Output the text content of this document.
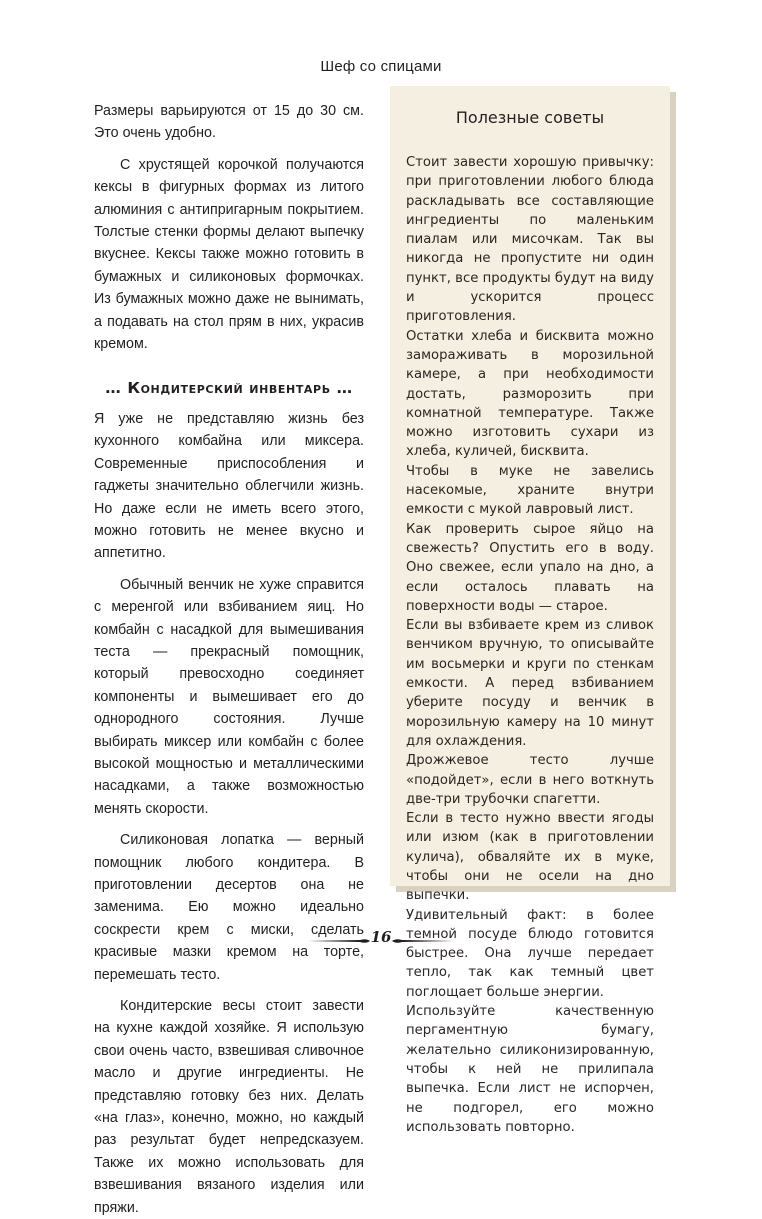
Шеф со спицами

Размеры варьируются от 15 до 30 см. Это очень удобно.

С хрустящей корочкой получаются кексы в фигурных формах из литого алюминия с антипригарным покрытием. Толстые стенки формы делают выпечку вкуснее. Кексы также можно готовить в бумажных и силиконовых формочках. Из бумажных можно даже не вынимать, а подавать на стол прям в них, украсив кремом.

… Кондитерский инвентарь …

Я уже не представляю жизнь без кухонного комбайна или миксера. Современные приспособления и гаджеты значительно облегчили жизнь. Но даже если не иметь всего этого, можно готовить не менее вкусно и аппетитно.

Обычный венчик не хуже справится с меренгой или взбиванием яиц. Но комбайн с насадкой для вымешивания теста — прекрасный помощник, который превосходно соединяет компоненты и вымешивает его до однородного состояния. Лучше выбирать миксер или комбайн с более высокой мощностью и металлическими насадками, а также возможностью менять скорости.

Силиконовая лопатка — верный помощник любого кондитера. В приготовлении десертов она не заменима. Ею можно идеально соскрести крем с миски, сделать красивые мазки кремом на торте, перемешать тесто.

Кондитерские весы стоит завести на кухне каждой хозяйке. Я использую свои очень часто, взвешивая сливочное масло и другие ингредиенты. Не представляю готовку без них. Делать «на глаз», конечно, можно, но каждый раз результат будет непредсказуем. Также их можно использовать для взвешивания вязаного изделия или пряжи.

Полезные советы

Стоит завести хорошую привычку: при приготовлении любого блюда раскладывать все составляющие ингредиенты по маленьким пиалам или мисочкам. Так вы никогда не пропустите ни один пункт, все продукты будут на виду и ускорится процесс приготовления.

Остатки хлеба и бисквита можно замораживать в морозильной камере, а при необходимости достать, разморозить при комнатной температуре. Также можно изготовить сухари из хлеба, куличей, бисквита.

Чтобы в муке не завелись насекомые, храните внутри емкости с мукой лавровый лист.

Как проверить сырое яйцо на свежесть? Опустить его в воду. Оно свежее, если упало на дно, а если осталось плавать на поверхности воды — старое.

Если вы взбиваете крем из сливок венчиком вручную, то описывайте им восьмерки и круги по стенкам емкости. А перед взбиванием уберите посуду и венчик в морозильную камеру на 10 минут для охлаждения.

Дрожжевое тесто лучше «подойдет», если в него воткнуть две-три трубочки спагетти.

Если в тесто нужно ввести ягоды или изюм (как в приготовлении кулича), обваляйте их в муке, чтобы они не осели на дно выпечки.

Удивительный факт: в более темной посуде блюдо готовится быстрее. Она лучше передает тепло, так как темный цвет поглощает больше энергии.

Используйте качественную пергаментную бумагу, желательно силиконизированную, чтобы к ней не прилипала выпечка. Если лист не испорчен, не подгорел, его можно использовать повторно.

16
